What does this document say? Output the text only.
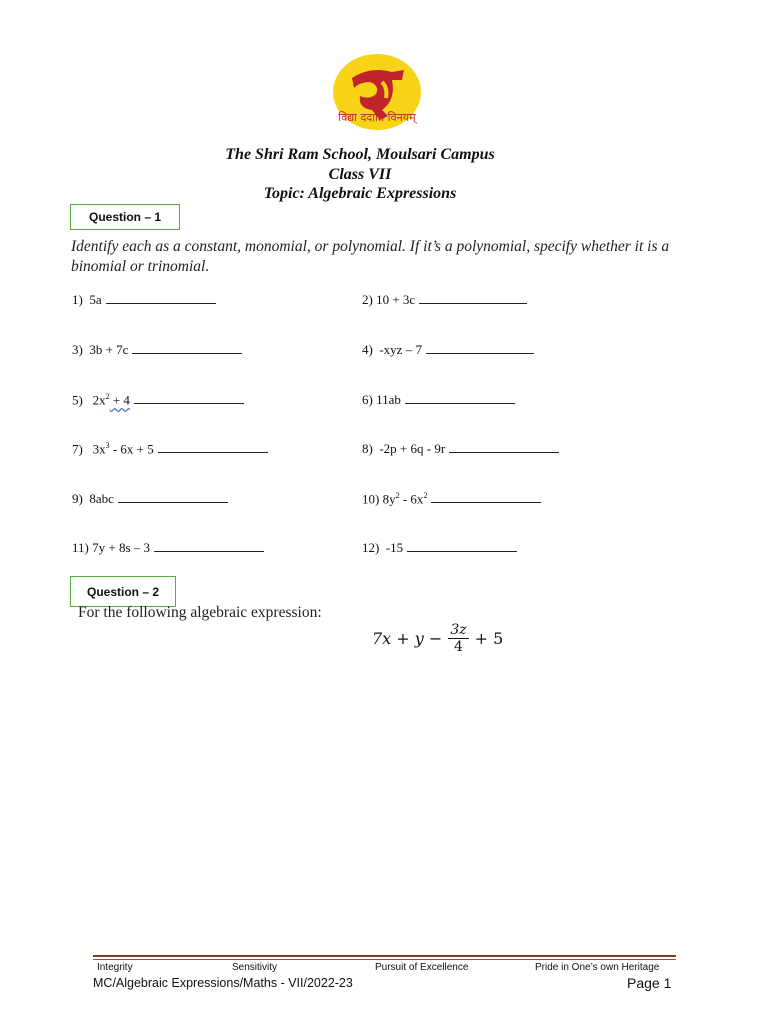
विद्या ददाति विनयम्
The Shri Ram School, Moulsari Campus
Class VII
Topic: Algebraic Expressions
Question – 1
Identify each as a constant, monomial, or polynomial. If it’s a polynomial, specify whether it is a binomial or trinomial.
1) 5a	2) 10 + 3c
3) 3b + 7c	4) -xyz – 7
5) $2x^2 + 4$	6) 11ab
7) $3x^3 - 6x + 5$	8) -2p + 6q - 9r
9) 8abc	10) $8y^2 - 6x^2$
11) 7y + 8s – 3	12) -15
Question – 2
For the following algebraic expression:
7x + y −	3z
4	+ 5
Integrity	Sensitivity	Pursuit of Excellence	Pride in One’s own Heritage
MC/Algebraic Expressions/Maths - VII/2022-23	Page 1
